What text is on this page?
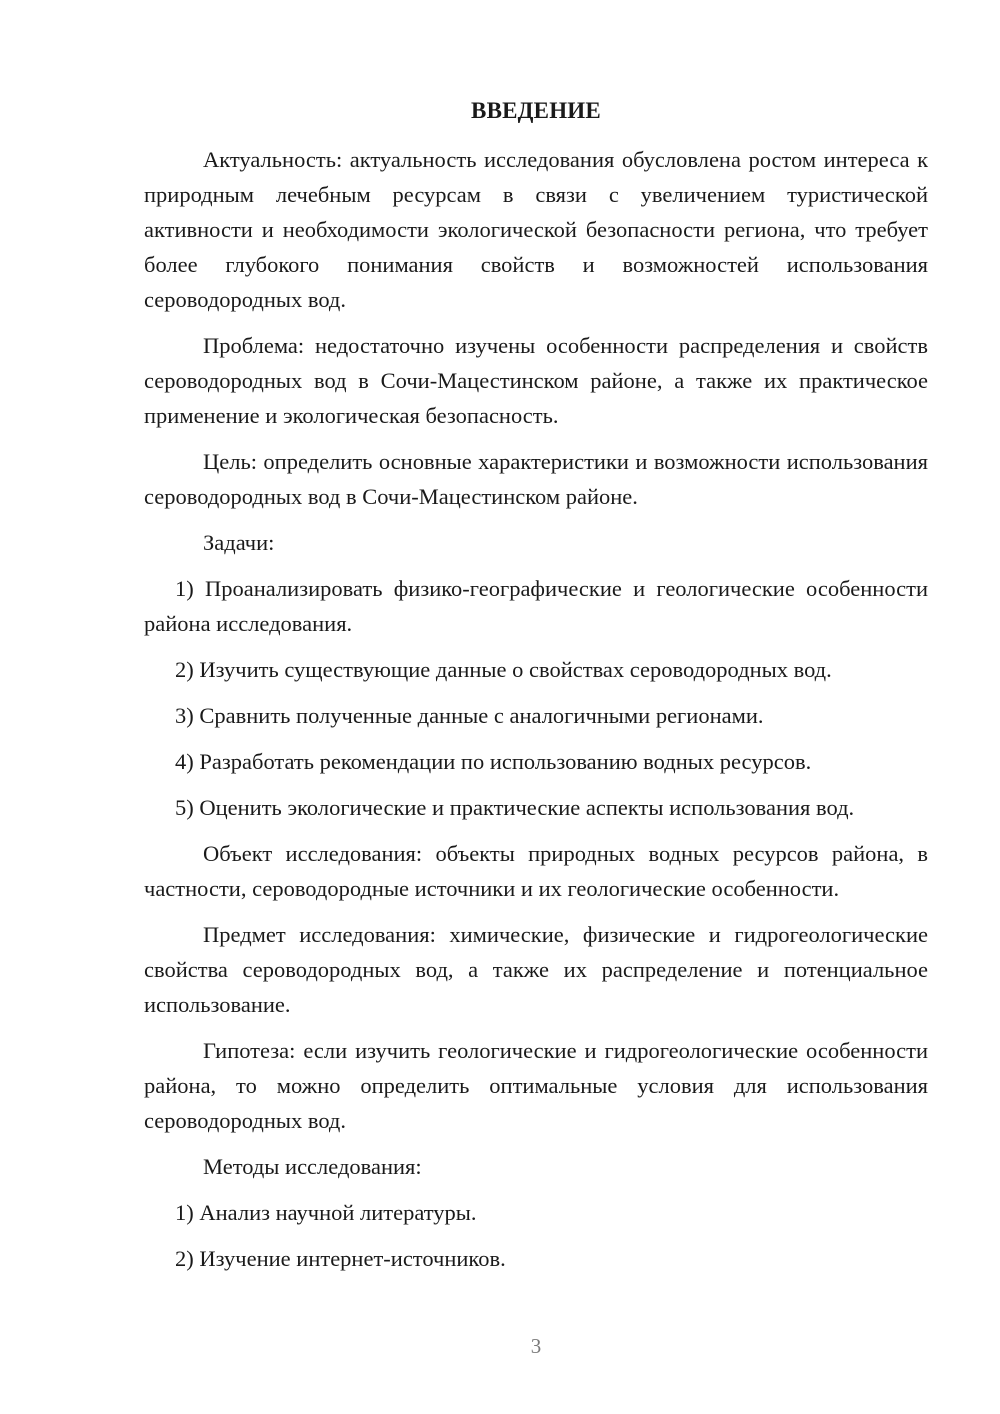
ВВЕДЕНИЕ

Актуальность: актуальность исследования обусловлена ростом интереса к природным лечебным ресурсам в связи с увеличением туристической активности и необходимости экологической безопасности региона, что требует более глубокого понимания свойств и возможностей использования сероводородных вод.

Проблема: недостаточно изучены особенности распределения и свойств сероводородных вод в Сочи-Мацестинском районе, а также их практическое применение и экологическая безопасность.

Цель: определить основные характеристики и возможности использования сероводородных вод в Сочи-Мацестинском районе.

Задачи:

1) Проанализировать физико-географические и геологические особенности района исследования.

2) Изучить существующие данные о свойствах сероводородных вод.

3) Сравнить полученные данные с аналогичными регионами.

4) Разработать рекомендации по использованию водных ресурсов.

5) Оценить экологические и практические аспекты использования вод.

Объект исследования: объекты природных водных ресурсов района, в частности, сероводородные источники и их геологические особенности.

Предмет исследования: химические, физические и гидрогеологические свойства сероводородных вод, а также их распределение и потенциальное использование.

Гипотеза: если изучить геологические и гидрогеологические особенности района, то можно определить оптимальные условия для использования сероводородных вод.

Методы исследования:

1) Анализ научной литературы.

2) Изучение интернет-источников.

3
